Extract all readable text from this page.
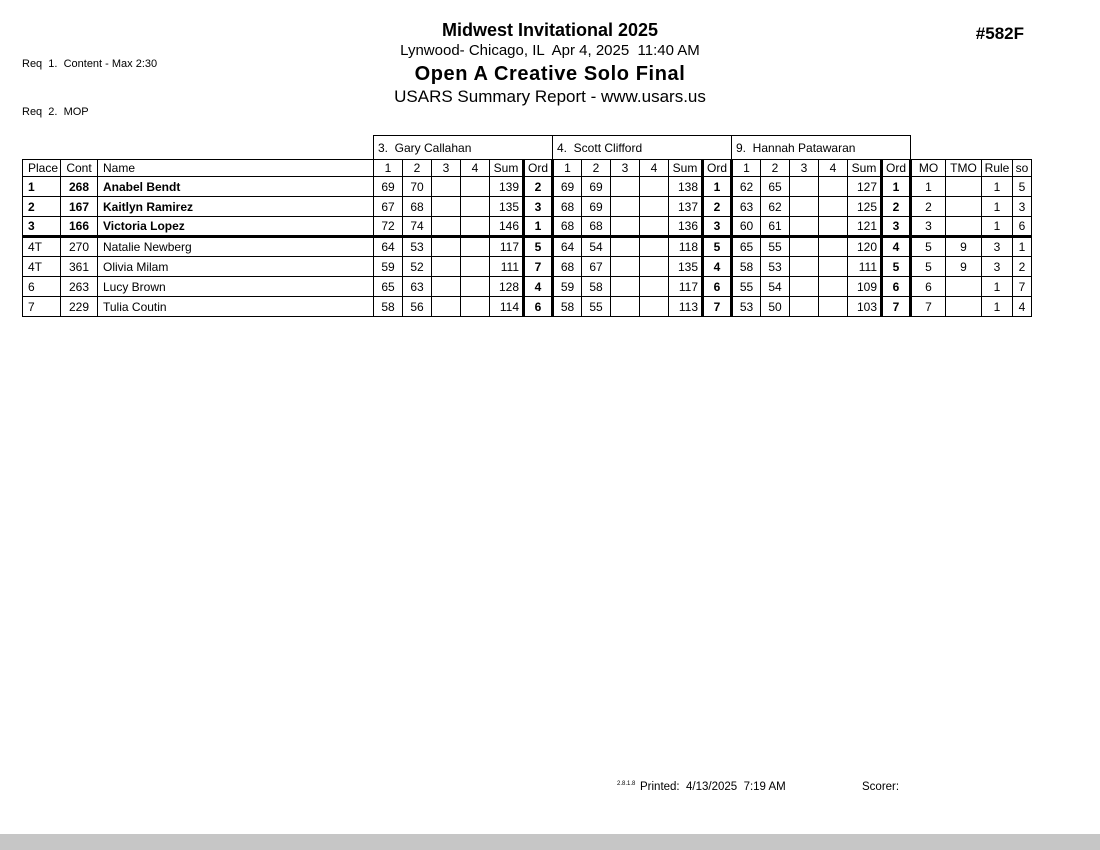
Req  1.  Content - Max 2:30

Req  2.  MOP

Midwest Invitational 2025
Lynwood- Chicago, IL  Apr 4, 2025  11:40 AM
Open A Creative Solo Final
USARS Summary Report - www.usars.us
#582F
			3.  Gary Callahan						4.  Scott Clifford						9.  Hannah Patawaran									
Place	Cont	Name	1	2	3	4	Sum	Ord	1	2	3	4	Sum	Ord	1	2	3	4	Sum	Ord	MO	TMO	Rule	so
1	268	Anabel Bendt	69	70			139	2	69	69			138	1	62	65			127	1	1		1	5
2	167	Kaitlyn Ramirez	67	68			135	3	68	69			137	2	63	62			125	2	2		1	3
3	166	Victoria Lopez	72	74			146	1	68	68			136	3	60	61			121	3	3		1	6
4T	270	Natalie Newberg	64	53			117	5	64	54			118	5	65	55			120	4	5	9	3	1
4T	361	Olivia Milam	59	52			111	7	68	67			135	4	58	53			111	5	5	9	3	2
6	263	Lucy Brown	65	63			128	4	59	58			117	6	55	54			109	6	6		1	7
7	229	Tulia Coutin	58	56			114	6	58	55			113	7	53	50			103	7	7		1	4
2.8.1.8 Printed:  4/13/2025  7:19 AM	Scorer:
